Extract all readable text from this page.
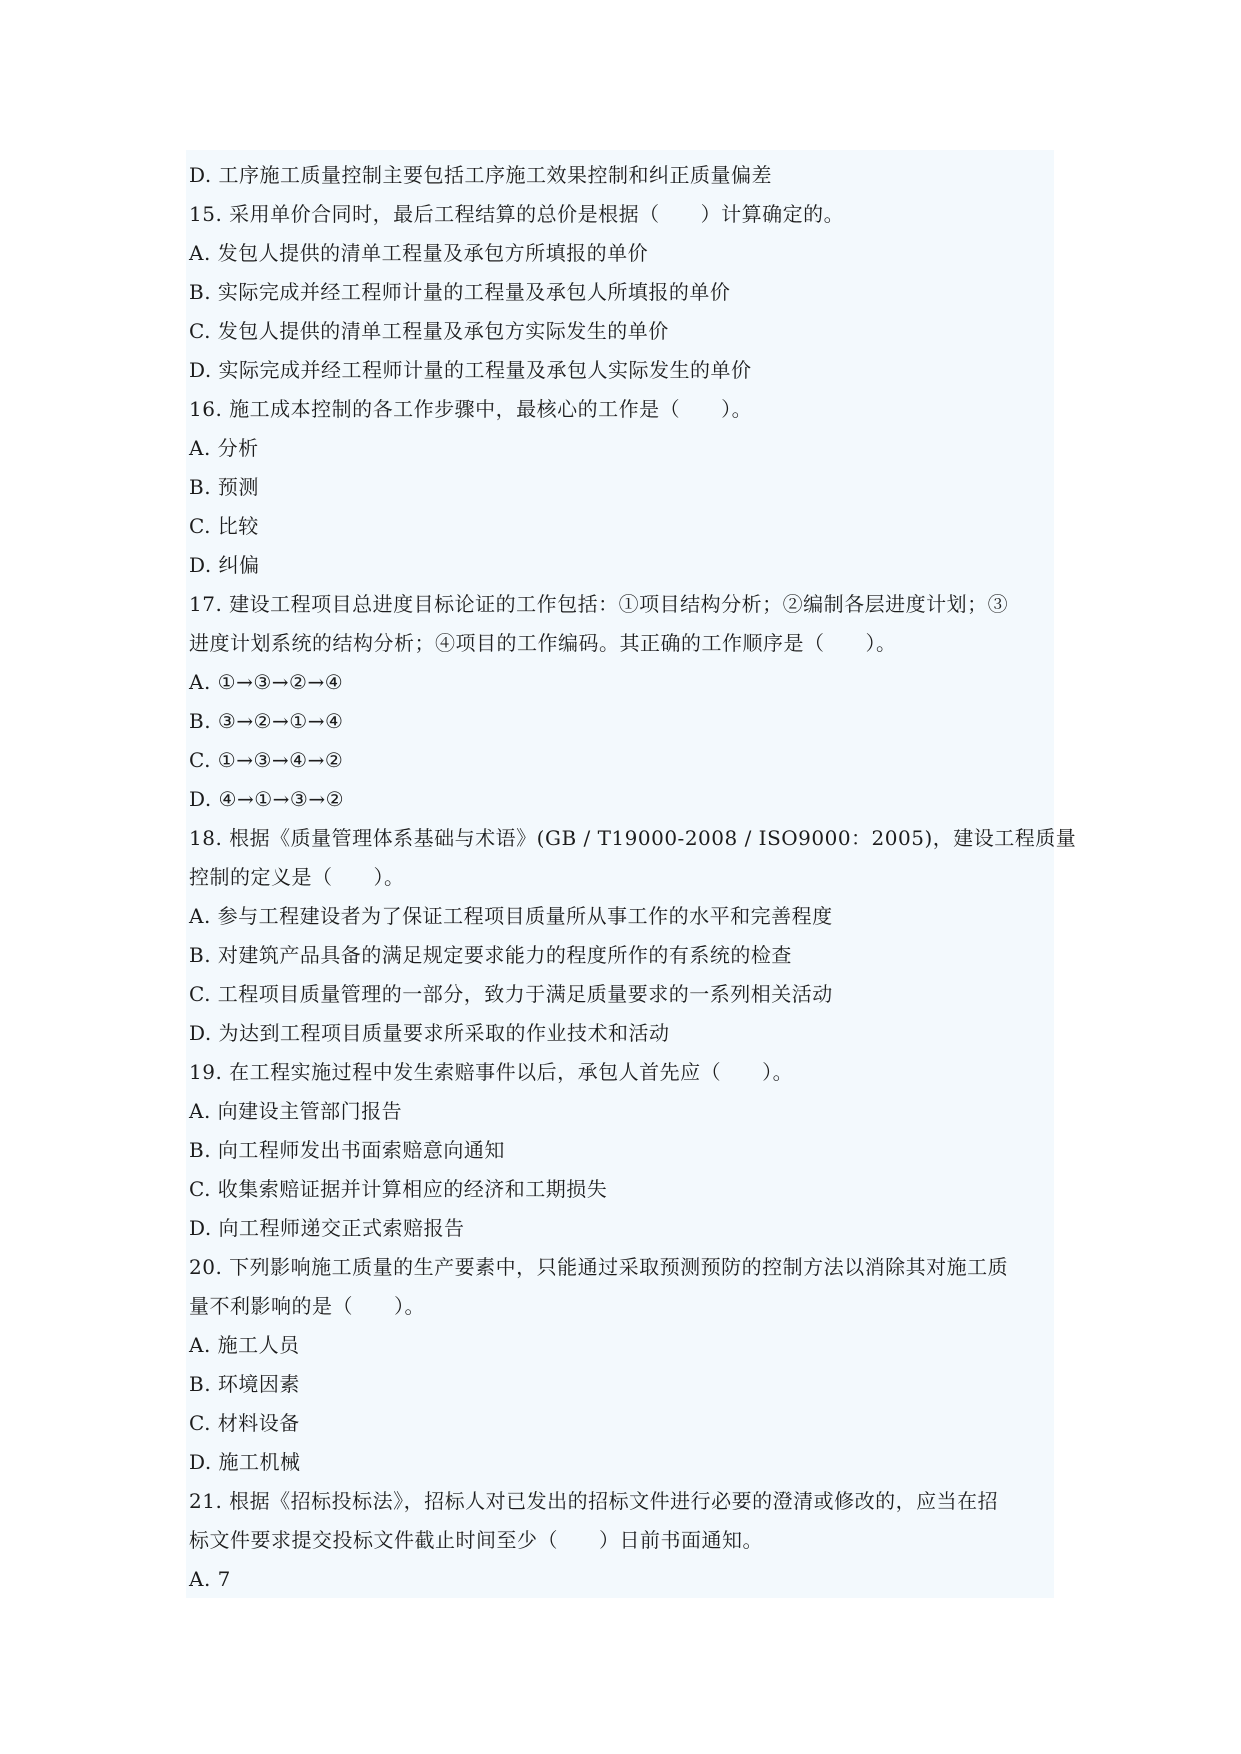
D. 工序施工质量控制主要包括工序施工效果控制和纠正质量偏差
15. 采用单价合同时，最后工程结算的总价是根据（　　）计算确定的。
A. 发包人提供的清单工程量及承包方所填报的单价
B. 实际完成并经工程师计量的工程量及承包人所填报的单价
C. 发包人提供的清单工程量及承包方实际发生的单价
D. 实际完成并经工程师计量的工程量及承包人实际发生的单价
16. 施工成本控制的各工作步骤中，最核心的工作是（　　）。
A. 分析
B. 预测
C. 比较
D. 纠偏
17. 建设工程项目总进度目标论证的工作包括：①项目结构分析；②编制各层进度计划；③
进度计划系统的结构分析；④项目的工作编码。其正确的工作顺序是（　　）。
A. ①→③→②→④
B. ③→②→①→④
C. ①→③→④→②
D. ④→①→③→②
18. 根据《质量管理体系基础与术语》(GB / T19000-2008 / ISO9000：2005)，建设工程质量
控制的定义是（　　）。
A. 参与工程建设者为了保证工程项目质量所从事工作的水平和完善程度
B. 对建筑产品具备的满足规定要求能力的程度所作的有系统的检查
C. 工程项目质量管理的一部分，致力于满足质量要求的一系列相关活动
D. 为达到工程项目质量要求所采取的作业技术和活动
19. 在工程实施过程中发生索赔事件以后，承包人首先应（　　）。
A. 向建设主管部门报告
B. 向工程师发出书面索赔意向通知
C. 收集索赔证据并计算相应的经济和工期损失
D. 向工程师递交正式索赔报告
20. 下列影响施工质量的生产要素中，只能通过采取预测预防的控制方法以消除其对施工质
量不利影响的是（　　）。
A. 施工人员
B. 环境因素
C. 材料设备
D. 施工机械
21. 根据《招标投标法》，招标人对已发出的招标文件进行必要的澄清或修改的，应当在招
标文件要求提交投标文件截止时间至少（　　）日前书面通知。
A. 7
